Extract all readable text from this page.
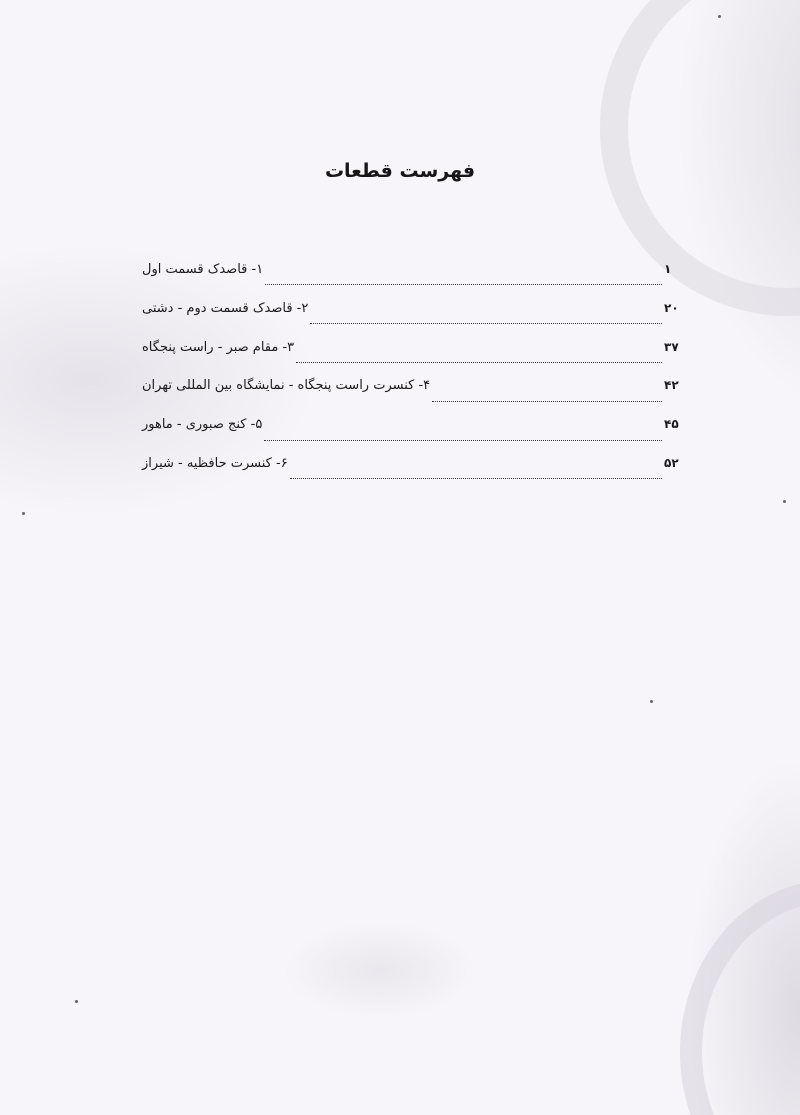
فهرست قطعات
۱- قاصدک قسمت اول	۱
۲- قاصدک قسمت دوم - دشتی	۲۰
۳- مقام صبر - راست پنجگاه	۳۷
۴- کنسرت راست پنجگاه - نمایشگاه بین المللی تهران	۴۲
۵- کنج صبوری - ماهور	۴۵
۶- کنسرت حافظیه - شیراز	۵۲
